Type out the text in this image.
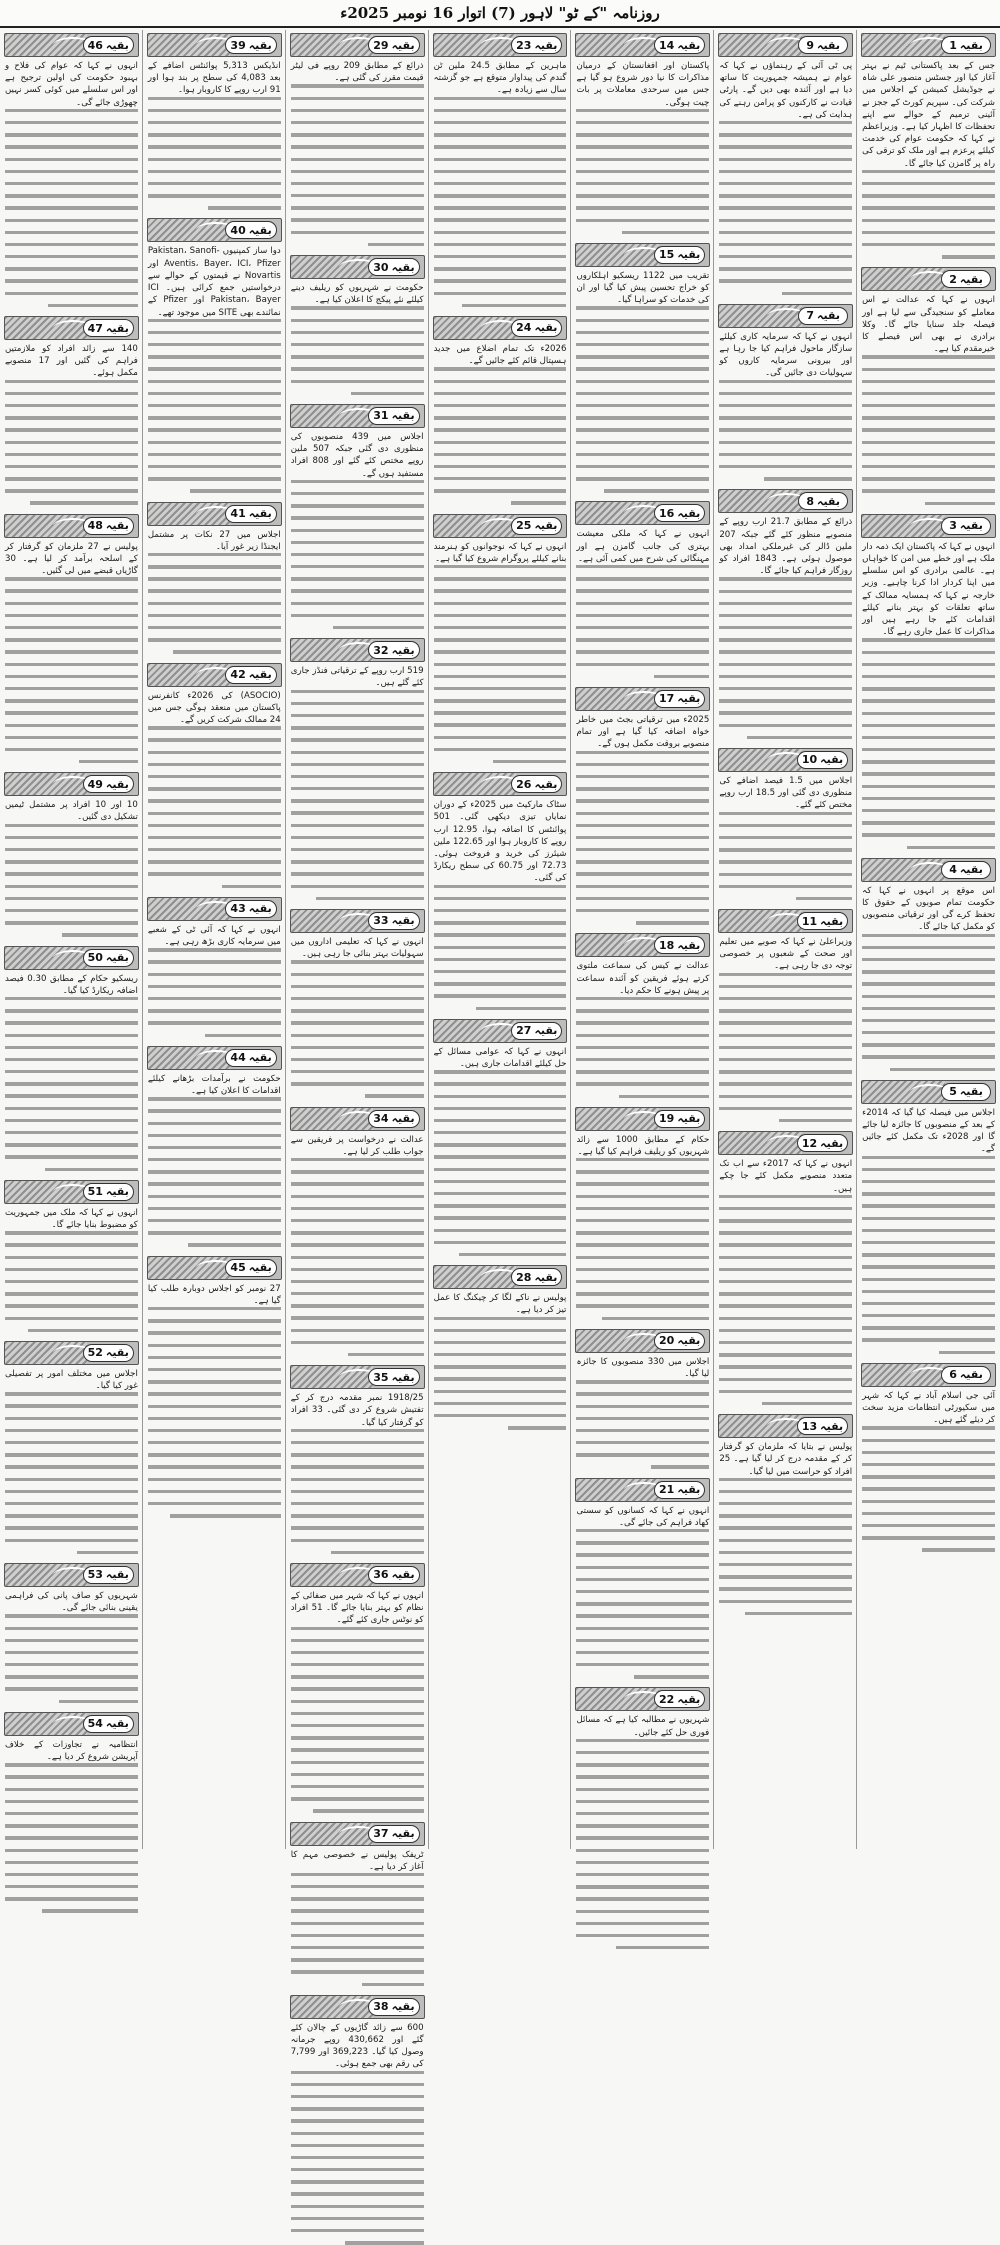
روزنامہ "کے ٹو" لاہور (7) اتوار 16 نومبر 2025ء
بقیہ
1

جس کے بعد پاکستانی ٹیم نے بہتر آغاز کیا اور جسٹس منصور علی شاہ نے جوڈیشل کمیشن کے اجلاس میں شرکت کی۔ سپریم کورٹ کے ججز نے آئینی ترمیم کے حوالے سے اپنے تحفظات کا اظہار کیا ہے۔ وزیراعظم نے کہا کہ حکومت عوام کی خدمت کیلئے پرعزم ہے اور ملک کو ترقی کی راہ پر گامزن کیا جائے گا۔

بقیہ
2

انہوں نے کہا کہ عدالت نے اس معاملے کو سنجیدگی سے لیا ہے اور فیصلہ جلد سنایا جائے گا۔ وکلا برادری نے بھی اس فیصلے کا خیرمقدم کیا ہے۔

بقیہ
3

انہوں نے کہا کہ پاکستان ایک ذمہ دار ملک ہے اور خطے میں امن کا خواہاں ہے۔ عالمی برادری کو اس سلسلے میں اپنا کردار ادا کرنا چاہیے۔ وزیر خارجہ نے کہا کہ ہمسایہ ممالک کے ساتھ تعلقات کو بہتر بنانے کیلئے اقدامات کئے جا رہے ہیں اور مذاکرات کا عمل جاری رہے گا۔

بقیہ
4

اس موقع پر انہوں نے کہا کہ حکومت تمام صوبوں کے حقوق کا تحفظ کرے گی اور ترقیاتی منصوبوں کو مکمل کیا جائے گا۔

بقیہ
5

اجلاس میں فیصلہ کیا گیا کہ 2014ء کے بعد کے منصوبوں کا جائزہ لیا جائے گا اور 2028ء تک مکمل کئے جائیں گے۔

بقیہ
6

آئی جی اسلام آباد نے کہا کہ شہر میں سکیورٹی انتظامات مزید سخت کر دیئے گئے ہیں۔

بقیہ
9

پی ٹی آئی کے رہنماؤں نے کہا کہ عوام نے ہمیشہ جمہوریت کا ساتھ دیا ہے اور آئندہ بھی دیں گے۔ پارٹی قیادت نے کارکنوں کو پرامن رہنے کی ہدایت کی ہے۔

بقیہ
7

انہوں نے کہا کہ سرمایہ کاری کیلئے سازگار ماحول فراہم کیا جا رہا ہے اور بیرونی سرمایہ کاروں کو سہولیات دی جائیں گی۔

بقیہ
8

ذرائع کے مطابق 21.7 ارب روپے کے منصوبے منظور کئے گئے جبکہ 207 ملین ڈالر کی غیرملکی امداد بھی موصول ہوئی ہے۔ 1843 افراد کو روزگار فراہم کیا جائے گا۔

بقیہ
10

اجلاس میں 1.5 فیصد اضافے کی منظوری دی گئی اور 18.5 ارب روپے مختص کئے گئے۔

بقیہ
11

وزیراعلیٰ نے کہا کہ صوبے میں تعلیم اور صحت کے شعبوں پر خصوصی توجہ دی جا رہی ہے۔

بقیہ
12

انہوں نے کہا کہ 2017ء سے اب تک متعدد منصوبے مکمل کئے جا چکے ہیں۔

بقیہ
13

پولیس نے بتایا کہ ملزمان کو گرفتار کر کے مقدمہ درج کر لیا گیا ہے۔ 25 افراد کو حراست میں لیا گیا۔

بقیہ
14

پاکستان اور افغانستان کے درمیان مذاکرات کا نیا دور شروع ہو گیا ہے جس میں سرحدی معاملات پر بات چیت ہوگی۔

بقیہ
15

تقریب میں 1122 ریسکیو اہلکاروں کو خراج تحسین پیش کیا گیا اور ان کی خدمات کو سراہا گیا۔

بقیہ
16

انہوں نے کہا کہ ملکی معیشت بہتری کی جانب گامزن ہے اور مہنگائی کی شرح میں کمی آئی ہے۔

بقیہ
17

2025ء میں ترقیاتی بجٹ میں خاطر خواہ اضافہ کیا گیا ہے اور تمام منصوبے بروقت مکمل ہوں گے۔

بقیہ
18

عدالت نے کیس کی سماعت ملتوی کرتے ہوئے فریقین کو آئندہ سماعت پر پیش ہونے کا حکم دیا۔

بقیہ
19

حکام کے مطابق 1000 سے زائد شہریوں کو ریلیف فراہم کیا گیا ہے۔

بقیہ
20

اجلاس میں 330 منصوبوں کا جائزہ لیا گیا۔

بقیہ
21

انہوں نے کہا کہ کسانوں کو سستی کھاد فراہم کی جائے گی۔

بقیہ
22

شہریوں نے مطالبہ کیا ہے کہ مسائل فوری حل کئے جائیں۔

بقیہ
23

ماہرین کے مطابق 24.5 ملین ٹن گندم کی پیداوار متوقع ہے جو گزشتہ سال سے زیادہ ہے۔

بقیہ
24

2026ء تک تمام اضلاع میں جدید ہسپتال قائم کئے جائیں گے۔

بقیہ
25

انہوں نے کہا کہ نوجوانوں کو ہنرمند بنانے کیلئے پروگرام شروع کیا گیا ہے۔

بقیہ
26

سٹاک مارکیٹ میں 2025ء کے دوران نمایاں تیزی دیکھی گئی۔ 501 پوائنٹس کا اضافہ ہوا، 12.95 ارب روپے کا کاروبار ہوا اور 122.65 ملین شیئرز کی خرید و فروخت ہوئی۔ 72.73 اور 60.75 کی سطح ریکارڈ کی گئی۔

بقیہ
27

انہوں نے کہا کہ عوامی مسائل کے حل کیلئے اقدامات جاری ہیں۔

بقیہ
28

پولیس نے ناکے لگا کر چیکنگ کا عمل تیز کر دیا ہے۔

بقیہ
29

ذرائع کے مطابق 209 روپے فی لیٹر قیمت مقرر کی گئی ہے۔

بقیہ
30

حکومت نے شہریوں کو ریلیف دینے کیلئے نئے پیکج کا اعلان کیا ہے۔

بقیہ
31

اجلاس میں 439 منصوبوں کی منظوری دی گئی جبکہ 507 ملین روپے مختص کئے گئے اور 808 افراد مستفید ہوں گے۔

بقیہ
32

519 ارب روپے کے ترقیاتی فنڈز جاری کئے گئے ہیں۔

بقیہ
33

انہوں نے کہا کہ تعلیمی اداروں میں سہولیات بہتر بنائی جا رہی ہیں۔

بقیہ
34

عدالت نے درخواست پر فریقین سے جواب طلب کر لیا ہے۔

بقیہ
35

1918/25 نمبر مقدمہ درج کر کے تفتیش شروع کر دی گئی۔ 33 افراد کو گرفتار کیا گیا۔

بقیہ
36

انہوں نے کہا کہ شہر میں صفائی کے نظام کو بہتر بنایا جائے گا۔ 51 افراد کو نوٹس جاری کئے گئے۔

بقیہ
37

ٹریفک پولیس نے خصوصی مہم کا آغاز کر دیا ہے۔

بقیہ
38

600 سے زائد گاڑیوں کے چالان کئے گئے اور 430,662 روپے جرمانہ وصول کیا گیا۔ 369,223 اور 7,799 کی رقم بھی جمع ہوئی۔

بقیہ
39

انڈیکس 5,313 پوائنٹس اضافے کے بعد 4,083 کی سطح پر بند ہوا اور 91 ارب روپے کا کاروبار ہوا۔

بقیہ
40

دوا ساز کمپنیوں Pakistan، Sanofi-Aventis، Bayer، ICI، Pfizer اور Novartis نے قیمتوں کے حوالے سے درخواستیں جمع کرائی ہیں۔ ICI Pakistan، Bayer اور Pfizer کے نمائندے بھی SITE میں موجود تھے۔

بقیہ
41

اجلاس میں 27 نکات پر مشتمل ایجنڈا زیر غور آیا۔

بقیہ
42

(ASOCIO) کی 2026ء کانفرنس پاکستان میں منعقد ہوگی جس میں 24 ممالک شرکت کریں گے۔

بقیہ
43

انہوں نے کہا کہ آئی ٹی کے شعبے میں سرمایہ کاری بڑھ رہی ہے۔

بقیہ
44

حکومت نے برآمدات بڑھانے کیلئے اقدامات کا اعلان کیا ہے۔

بقیہ
45

27 نومبر کو اجلاس دوبارہ طلب کیا گیا ہے۔

بقیہ
46

انہوں نے کہا کہ عوام کی فلاح و بہبود حکومت کی اولین ترجیح ہے اور اس سلسلے میں کوئی کسر نہیں چھوڑی جائے گی۔

بقیہ
47

140 سے زائد افراد کو ملازمتیں فراہم کی گئیں اور 17 منصوبے مکمل ہوئے۔

بقیہ
48

پولیس نے 27 ملزمان کو گرفتار کر کے اسلحہ برآمد کر لیا ہے۔ 30 گاڑیاں قبضے میں لی گئیں۔

بقیہ
49

10 اور 10 افراد پر مشتمل ٹیمیں تشکیل دی گئیں۔

بقیہ
50

ریسکیو حکام کے مطابق 0.30 فیصد اضافہ ریکارڈ کیا گیا۔

بقیہ
51

انہوں نے کہا کہ ملک میں جمہوریت کو مضبوط بنایا جائے گا۔

بقیہ
52

اجلاس میں مختلف امور پر تفصیلی غور کیا گیا۔

بقیہ
53

شہریوں کو صاف پانی کی فراہمی یقینی بنائی جائے گی۔

بقیہ
54

انتظامیہ نے تجاوزات کے خلاف آپریشن شروع کر دیا ہے۔
